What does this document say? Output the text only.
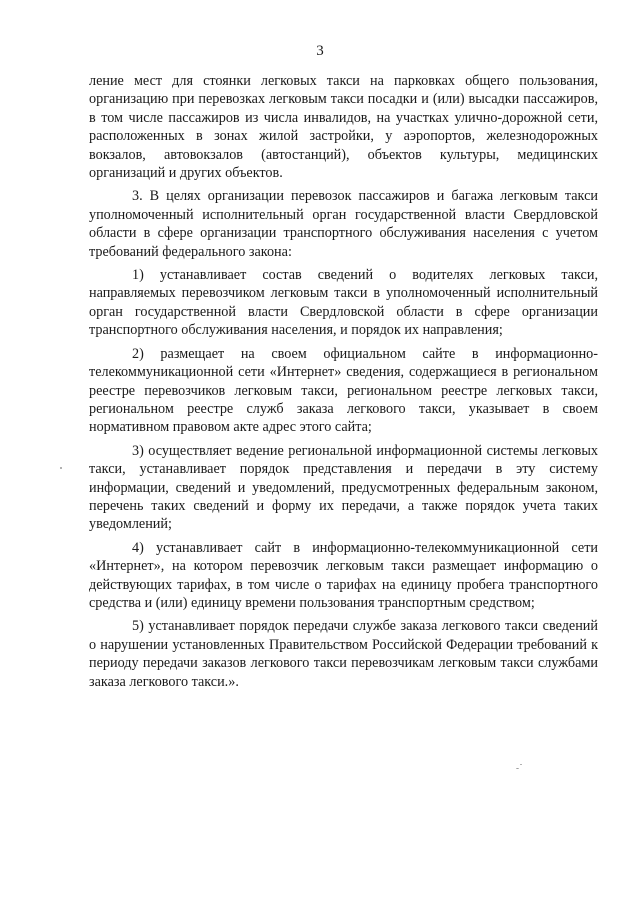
3

ление мест для стоянки легковых такси на парковках общего пользования, организацию при перевозках легковым такси посадки и (или) высадки пассажиров, в том числе пассажиров из числа инвалидов, на участках улично-дорожной сети, расположенных в зонах жилой застройки, у аэропортов, железнодорожных вокзалов, автовокзалов (автостанций), объектов культуры, медицинских организаций и других объектов.

3. В целях организации перевозок пассажиров и багажа легковым такси уполномоченный исполнительный орган государственной власти Свердловской области в сфере организации транспортного обслуживания населения с учетом требований федерального закона:

1) устанавливает состав сведений о водителях легковых такси, направляемых перевозчиком легковым такси в уполномоченный исполнительный орган государственной власти Свердловской области в сфере организации транспортного обслуживания населения, и порядок их направления;

2) размещает на своем официальном сайте в информационно-телекоммуникационной сети «Интернет» сведения, содержащиеся в региональном реестре перевозчиков легковым такси, региональном реестре легковых такси, региональном реестре служб заказа легкового такси, указывает в своем нормативном правовом акте адрес этого сайта;

3) осуществляет ведение региональной информационной системы легковых такси, устанавливает порядок представления и передачи в эту систему информации, сведений и уведомлений, предусмотренных федеральным законом, перечень таких сведений и форму их передачи, а также порядок учета таких уведомлений;

4) устанавливает сайт в информационно-телекоммуникационной сети «Интернет», на котором перевозчик легковым такси размещает информацию о действующих тарифах, в том числе о тарифах на единицу пробега транспортного средства и (или) единицу времени пользования транспортным средством;

5) устанавливает порядок передачи службе заказа легкового такси сведений о нарушении установленных Правительством Российской Федерации требований к периоду передачи заказов легкового такси перевозчикам легковым такси службами заказа легкового такси.».
